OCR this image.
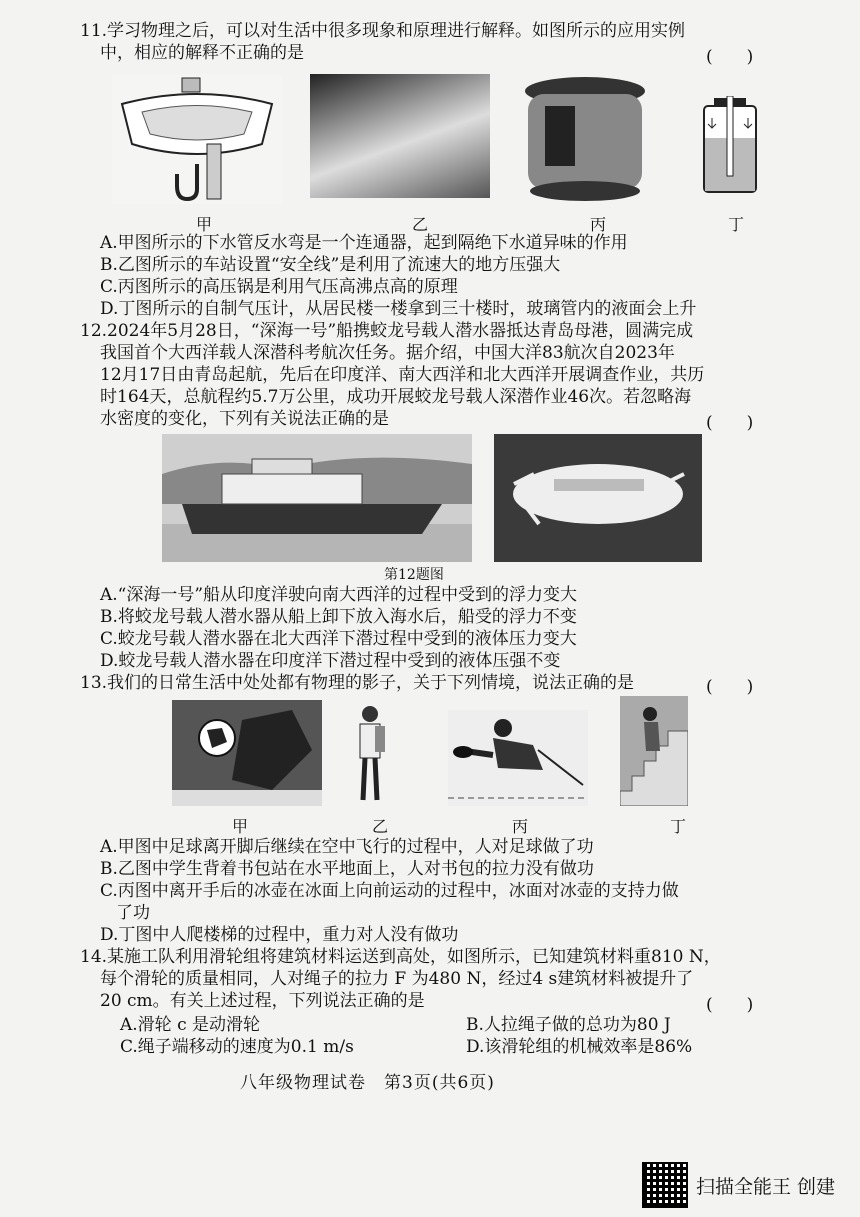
11.学习物理之后，可以对生活中很多现象和原理进行解释。如图所示的应用实例
中，相应的解释不正确的是	(　　)
甲	乙	丙	丁
A.甲图所示的下水管反水弯是一个连通器，起到隔绝下水道异味的作用
B.乙图所示的车站设置“安全线”是利用了流速大的地方压强大
C.丙图所示的高压锅是利用气压高沸点高的原理
D.丁图所示的自制气压计，从居民楼一楼拿到三十楼时，玻璃管内的液面会上升
12.2024年5月28日，“深海一号”船携蛟龙号载人潜水器抵达青岛母港，圆满完成
我国首个大西洋载人深潜科考航次任务。据介绍，中国大洋83航次自2023年
12月17日由青岛起航，先后在印度洋、南大西洋和北大西洋开展调查作业，共历
时164天，总航程约5.7万公里，成功开展蛟龙号载人深潜作业46次。若忽略海
水密度的变化，下列有关说法正确的是	(　　)
第12题图
A.“深海一号”船从印度洋驶向南大西洋的过程中受到的浮力变大
B.将蛟龙号载人潜水器从船上卸下放入海水后，船受的浮力不变
C.蛟龙号载人潜水器在北大西洋下潜过程中受到的液体压力变大
D.蛟龙号载人潜水器在印度洋下潜过程中受到的液体压强不变
13.我们的日常生活中处处都有物理的影子，关于下列情境，说法正确的是	(　　)
甲	乙	丙	丁
A.甲图中足球离开脚后继续在空中飞行的过程中，人对足球做了功
B.乙图中学生背着书包站在水平地面上，人对书包的拉力没有做功
C.丙图中离开手后的冰壶在冰面上向前运动的过程中，冰面对冰壶的支持力做
了功
D.丁图中人爬楼梯的过程中，重力对人没有做功
14.某施工队利用滑轮组将建筑材料运送到高处，如图所示，已知建筑材料重810 N，
每个滑轮的质量相同，人对绳子的拉力 F 为480 N，经过4 s建筑材料被提升了
20 cm。有关上述过程，下列说法正确的是	(　　)
A.滑轮 c 是动滑轮	B.人拉绳子做的总功为80 J
C.绳子端移动的速度为0.1 m/s	D.该滑轮组的机械效率是86%
八年级物理试卷　第3页(共6页)
扫描全能王 创建
